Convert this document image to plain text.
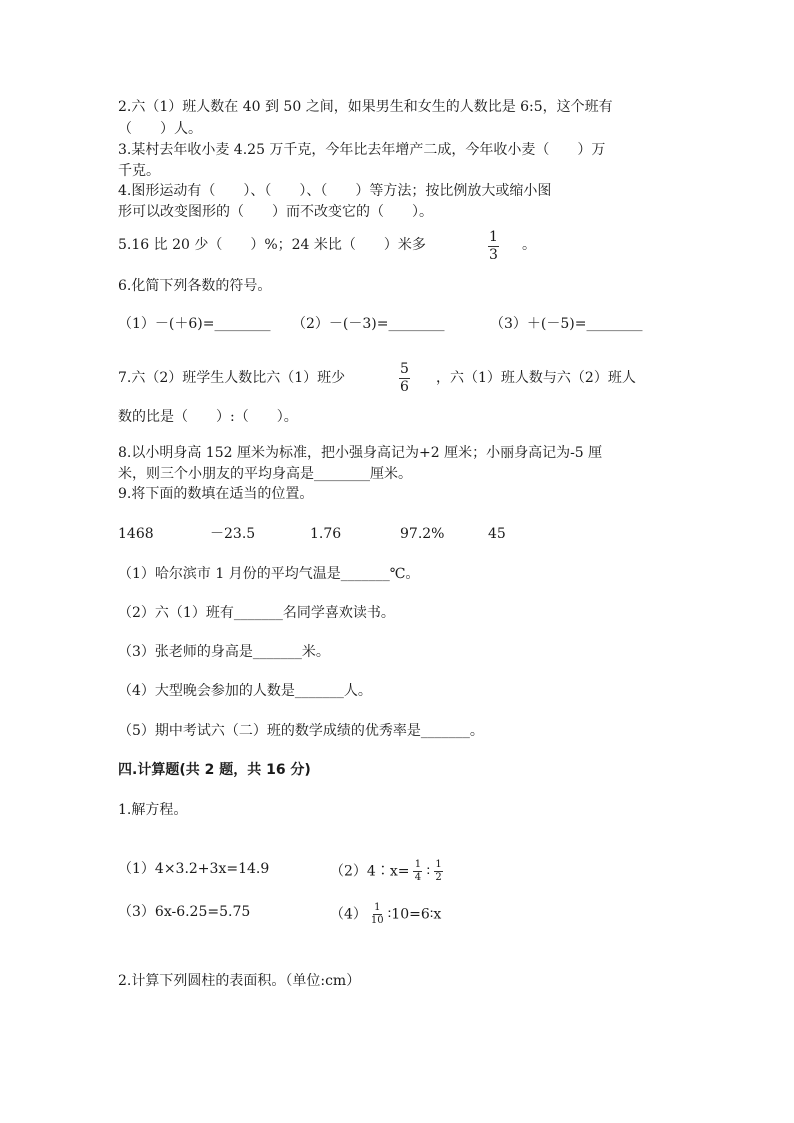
2.六（1）班人数在 40 到 50 之间，如果男生和女生的人数比是 6:5，这个班有
（　　）人。
3.某村去年收小麦 4.25 万千克，今年比去年增产二成，今年收小麦（　　）万
千克。
4.图形运动有（　　）、（　　）、（　　）等方法；按比例放大或缩小图
形可以改变图形的（　　）而不改变它的（　　）。
5.16 比 20 少（　　）%；24 米比（　　）米多	1
3
。
6.化简下列各数的符号。
（1）－(＋6)=________ （2）－(－3)=________	（3）＋(－5)=________
7.六（2）班学生人数比六（1）班少
5
6
，六（1）班人数与六（2）班人
数的比是（　　）:（　　）。
8.以小明身高 152 厘米为标准，把小强身高记为+2 厘米；小丽身高记为-5 厘
米，则三个小朋友的平均身高是________厘米。
9.将下面的数填在适当的位置。
1468	－23.5	1.76	97.2%	45
（1）哈尔滨市 1 月份的平均气温是_______℃。
（2）六（1）班有_______名同学喜欢读书。
（3）张老师的身高是_______米。
（4）大型晚会参加的人数是_______人。
（5）期中考试六（二）班的数学成绩的优秀率是_______。
四.计算题(共 2 题，共 16 分)
1.解方程。
（1）4×3.2+3x=14.9	（2）4∶x= $\frac{1}{4}$ ∶ $\frac{1}{2}$
（3）6x-6.25=5.75	$(4) \frac{1}{10}$ ∶10=6∶x
2.计算下列圆柱的表面积。（单位:cm）
